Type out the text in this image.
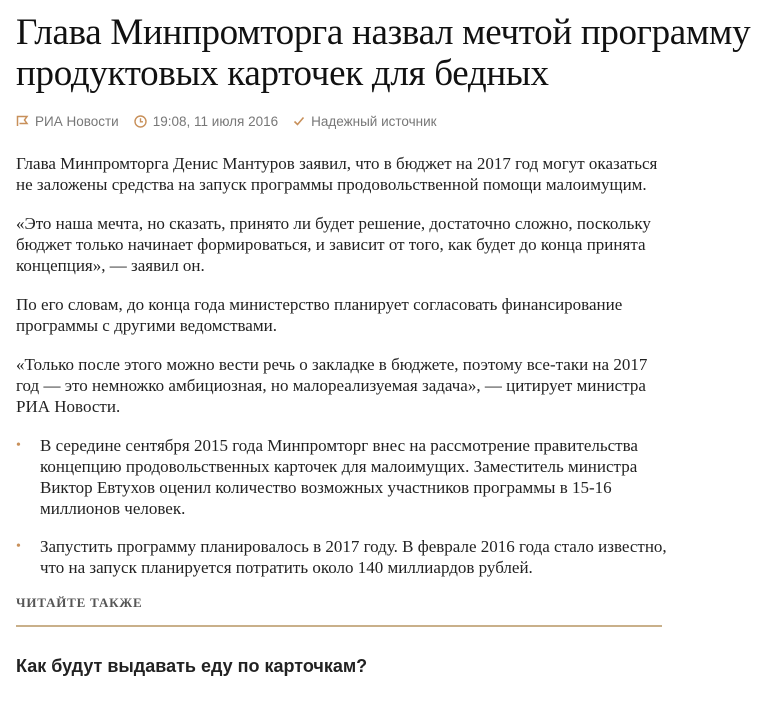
Глава Минпромторга назвал мечтой программу продуктовых карточек для бедных
РИА Новости	19:08, 11 июля 2016 Надежный источник

Глава Минпромторга Денис Мантуров заявил, что в бюджет на 2017 год могут оказаться не заложены средства на запуск программы продовольственной помощи малоимущим.

«Это наша мечта, но сказать, принято ли будет решение, достаточно сложно, поскольку бюджет только начинает формироваться, и зависит от того, как будет до конца принята концепция», — заявил он.

По его словам, до конца года министерство планирует согласовать финансирование программы с другими ведомствами.

«Только после этого можно вести речь о закладке в бюджете, поэтому все-таки на 2017 год — это немножко амбициозная, но малореализуемая задача», — цитирует министра РИА Новости.

• В середине сентября 2015 года Минпромторг внес на рассмотрение правительства концепцию продовольственных карточек для малоимущих. Заместитель министра Виктор Евтухов оценил количество возможных участников программы в 15-16 миллионов человек.
• Запустить программу планировалось в 2017 году. В феврале 2016 года стало известно, что на запуск планируется потратить около 140 миллиардов рублей.
ЧИТАЙТЕ ТАКЖЕ
Как будут выдавать еду по карточкам?
